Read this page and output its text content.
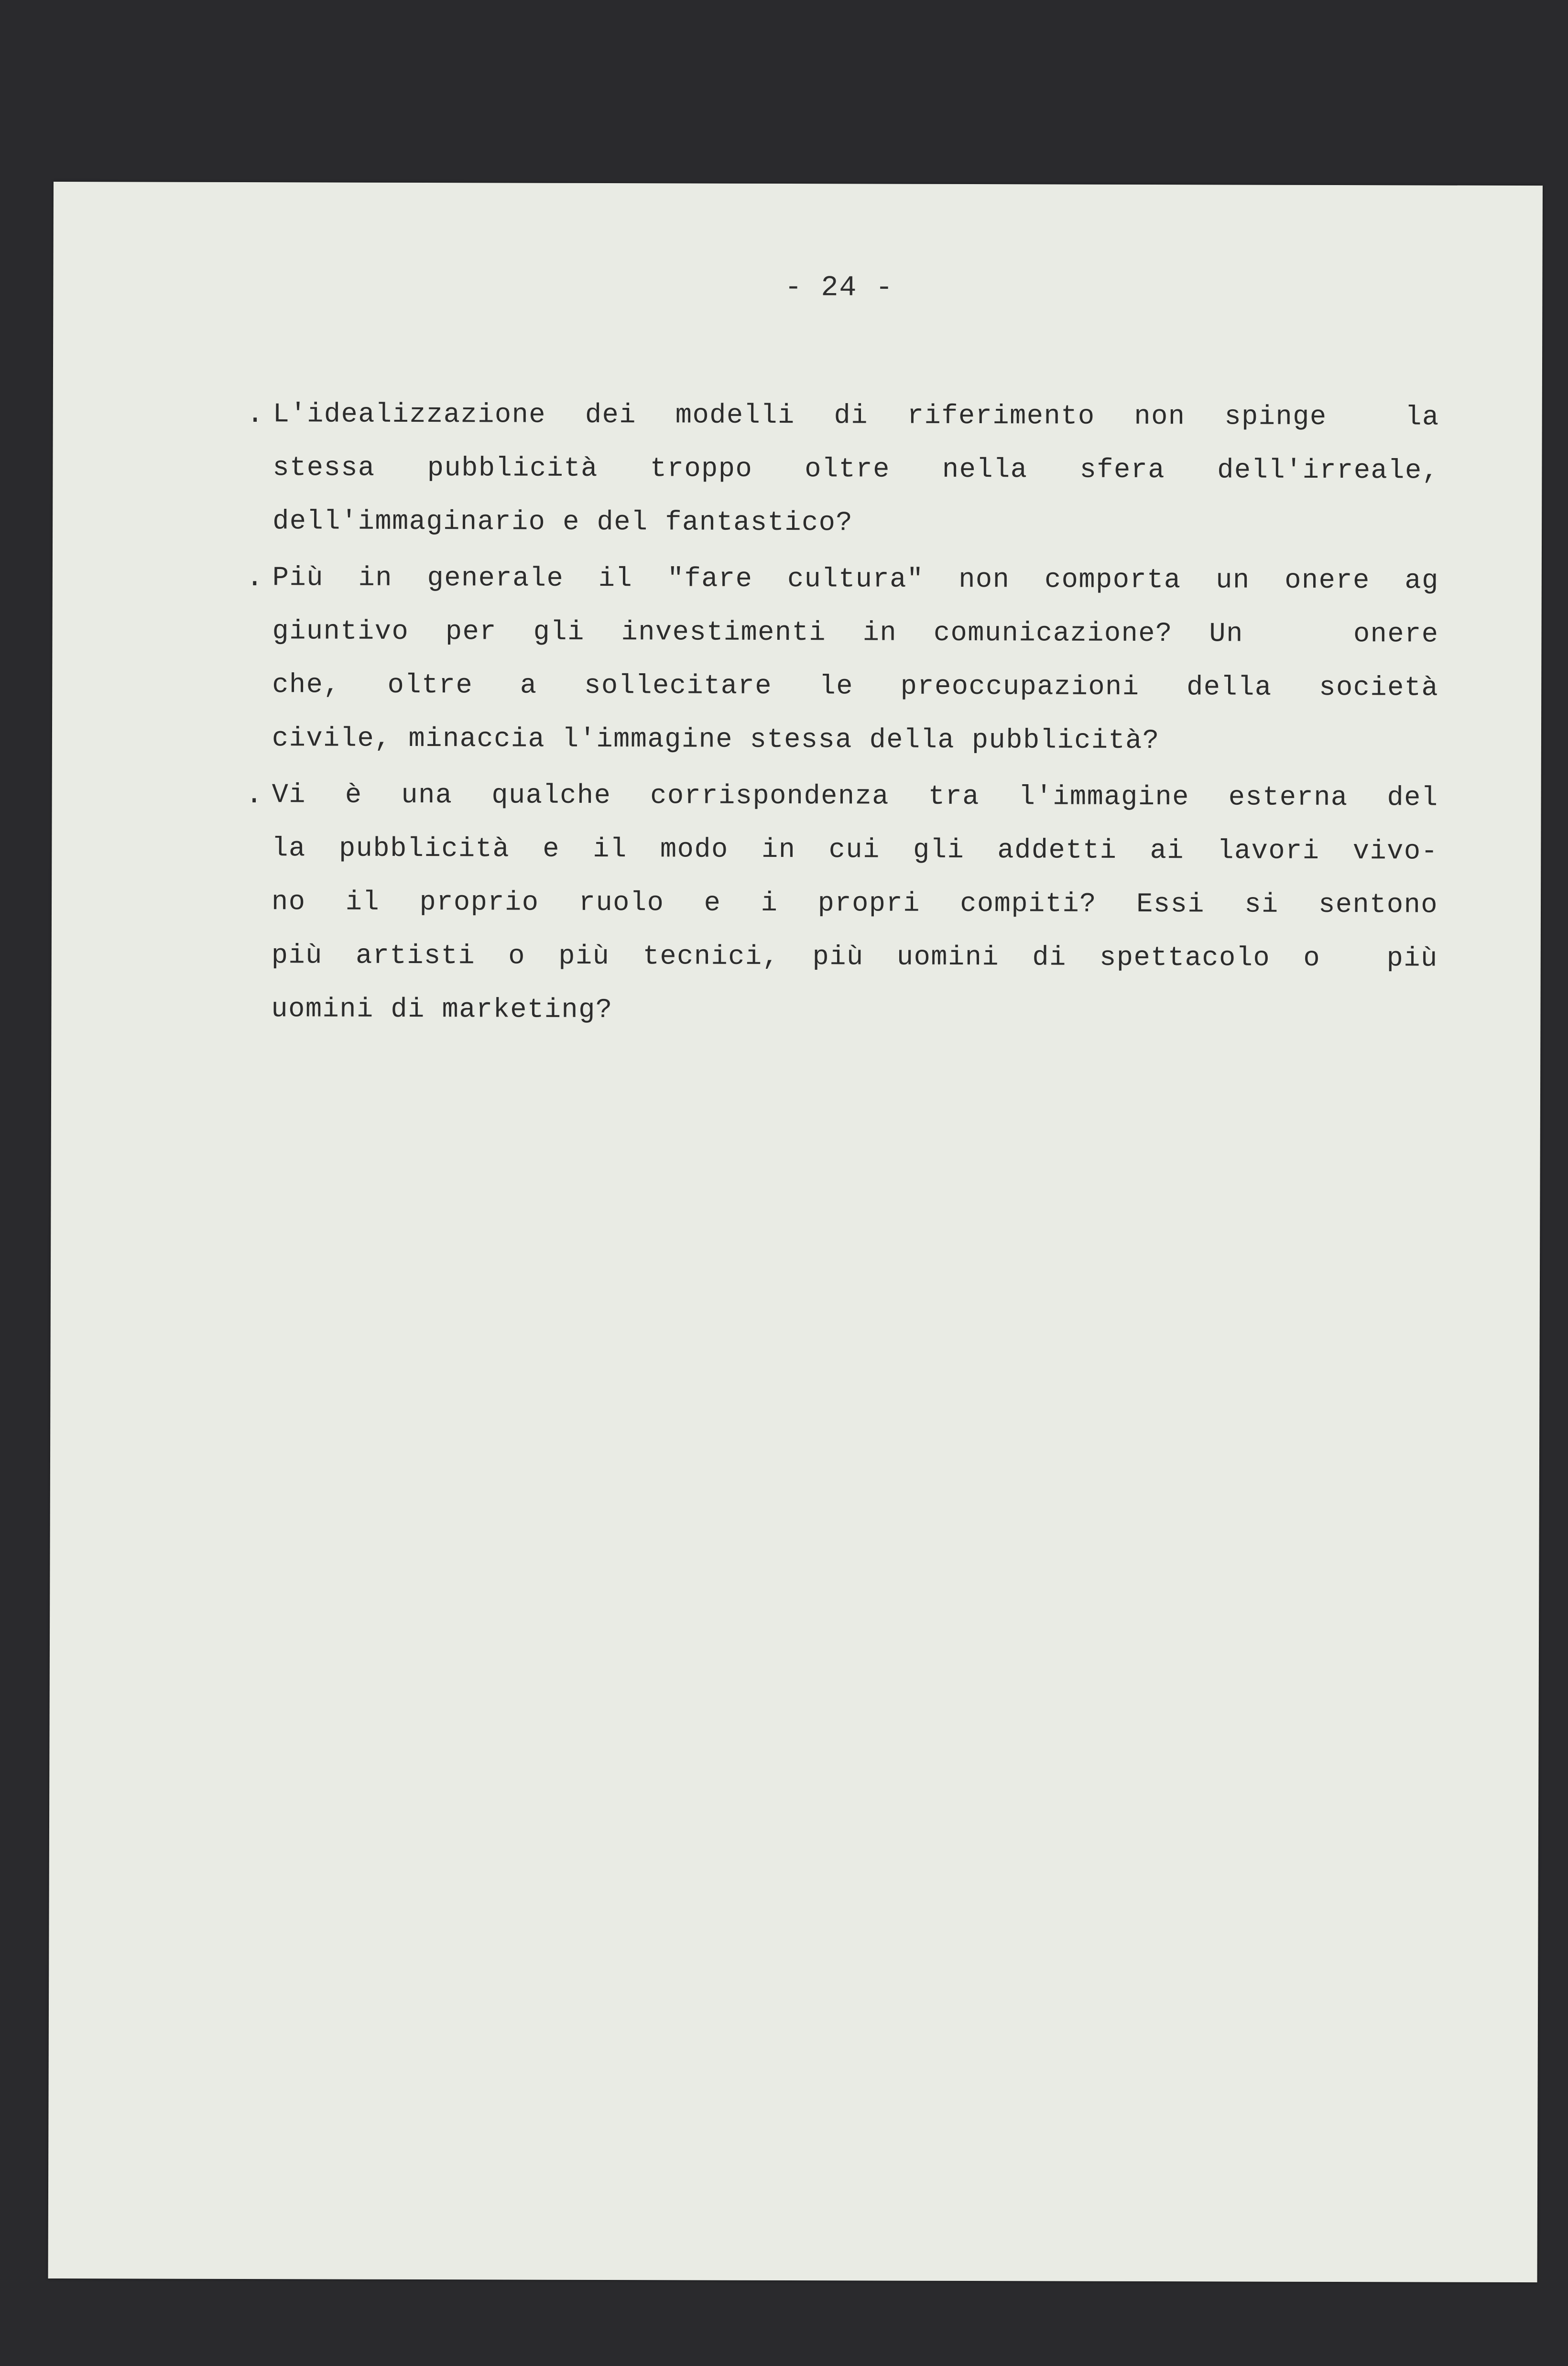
- 24 -
. L'idealizzazione dei modelli di riferimento non spinge  la
stessa pubblicità troppo oltre nella sfera dell'irreale,
dell'immaginario e del fantastico?
. Più in generale il "fare cultura" non comporta un onere ag
giuntivo per gli investimenti in comunicazione? Un   onere
che, oltre a sollecitare le preoccupazioni della società
civile, minaccia l'immagine stessa della pubblicità?
. Vi è una qualche corrispondenza tra l'immagine esterna del
la pubblicità e il modo in cui gli addetti ai lavori vivo-
no il proprio ruolo e i propri compiti? Essi si sentono
più artisti o più tecnici, più uomini di spettacolo o  più
uomini di marketing?
